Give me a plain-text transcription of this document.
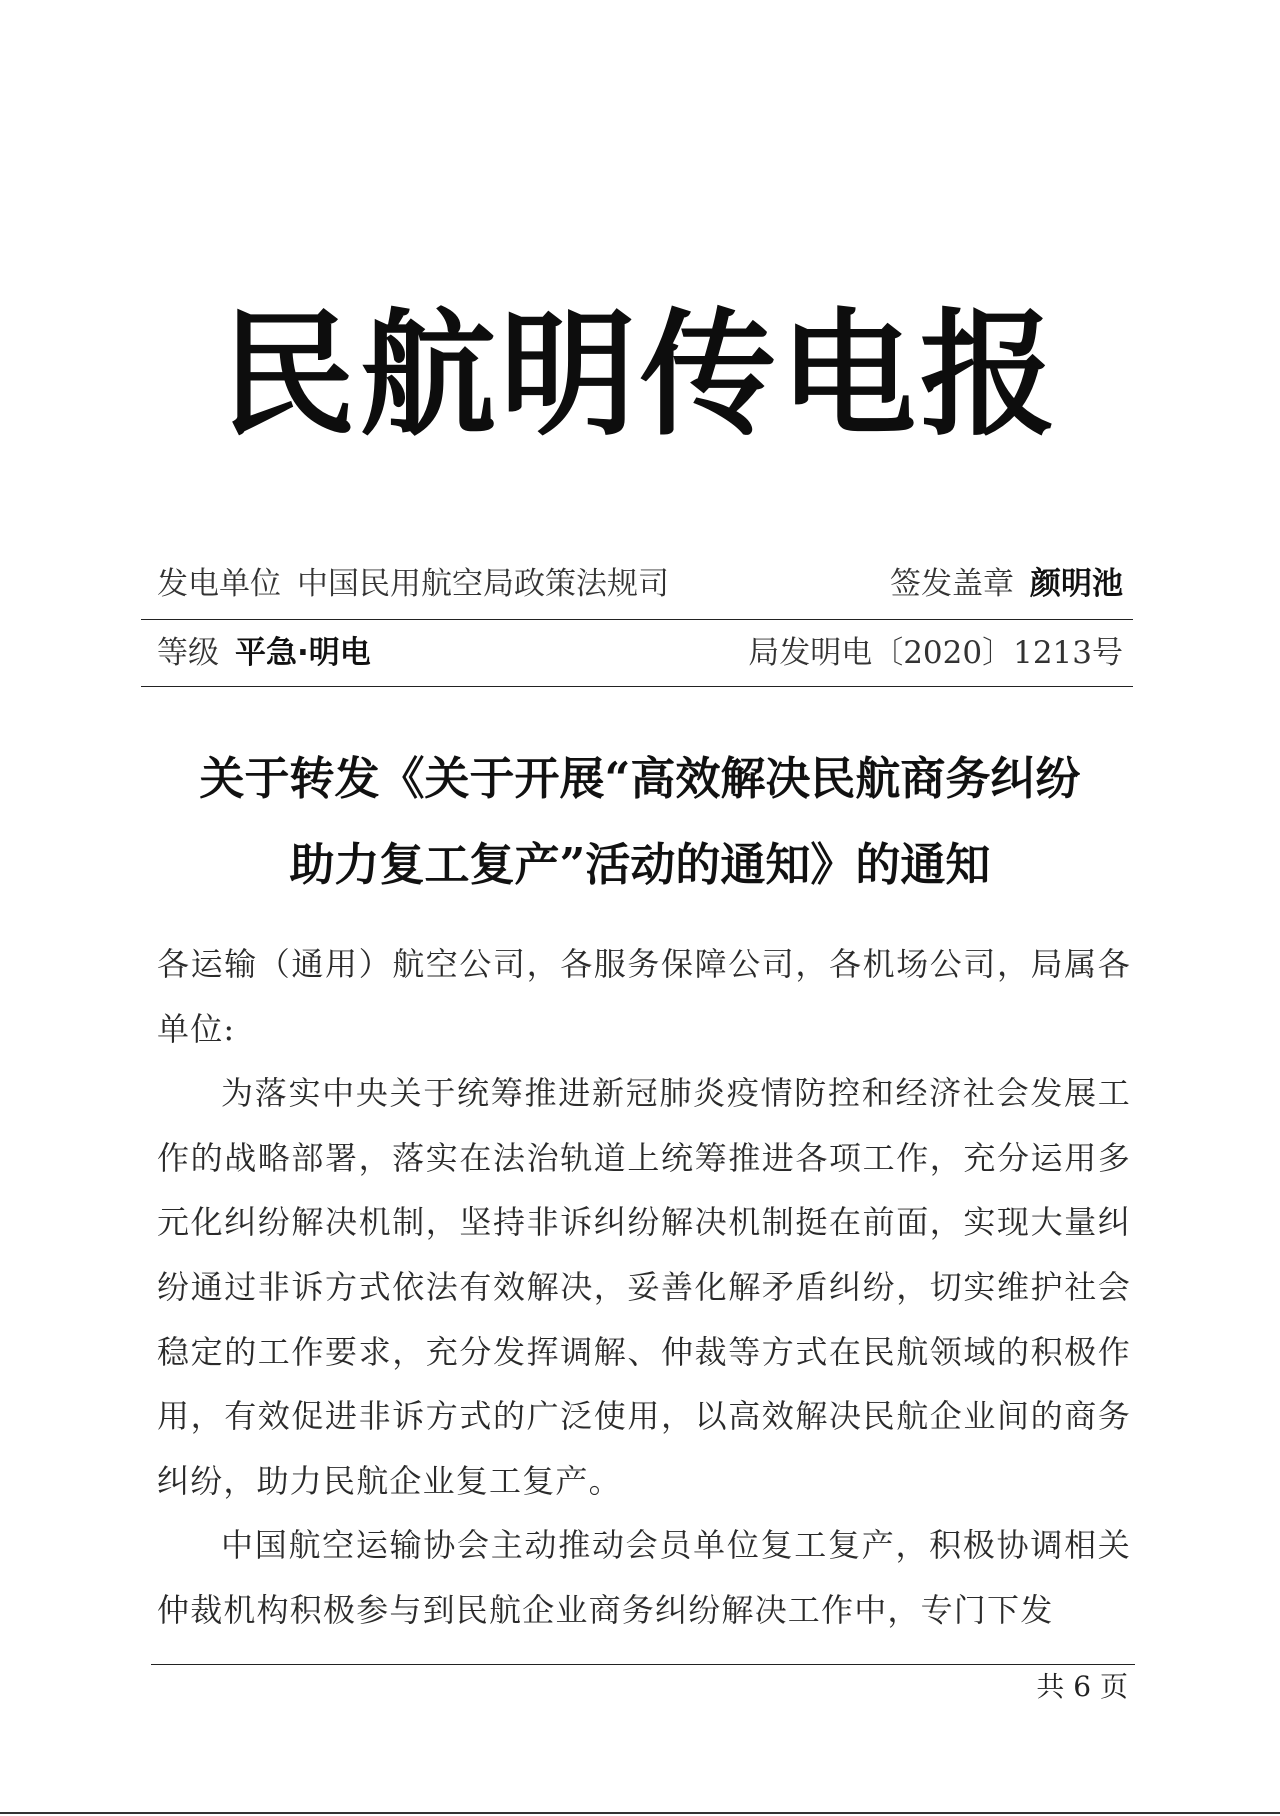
民航明传电报
发电单位 中国民用航空局政策法规司	签发盖章 颜明池
等级 平急·明电	局发明电〔2020〕1213号
关于转发《关于开展“高效解决民航商务纠纷
助力复工复产”活动的通知》的通知

各运输（通用）航空公司，各服务保障公司，各机场公司，局属各单位:

为落实中央关于统筹推进新冠肺炎疫情防控和经济社会发展工作的战略部署，落实在法治轨道上统筹推进各项工作，充分运用多元化纠纷解决机制，坚持非诉纠纷解决机制挺在前面，实现大量纠纷通过非诉方式依法有效解决，妥善化解矛盾纠纷，切实维护社会稳定的工作要求，充分发挥调解、仲裁等方式在民航领域的积极作用，有效促进非诉方式的广泛使用，以高效解决民航企业间的商务纠纷，助力民航企业复工复产。

中国航空运输协会主动推动会员单位复工复产，积极协调相关仲裁机构积极参与到民航企业商务纠纷解决工作中，专门下发

共 6 页
